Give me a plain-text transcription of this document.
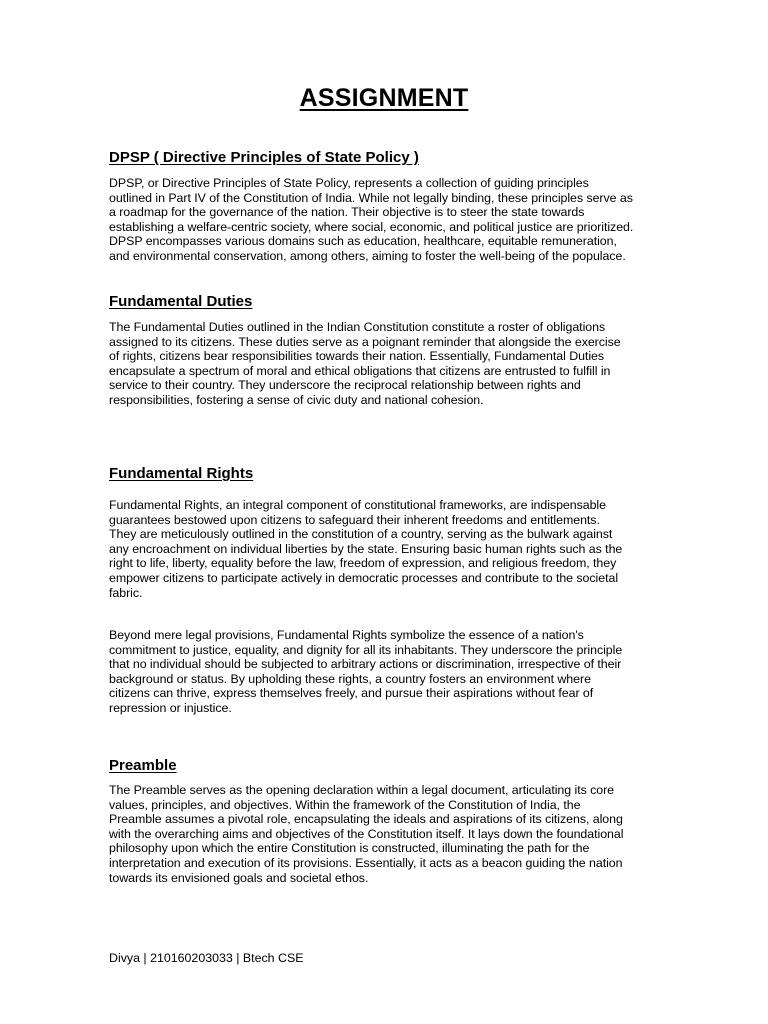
ASSIGNMENT
DPSP ( Directive Principles of State Policy )

DPSP, or Directive Principles of State Policy, represents a collection of guiding principles
outlined in Part IV of the Constitution of India. While not legally binding, these principles serve as
a roadmap for the governance of the nation. Their objective is to steer the state towards
establishing a welfare-centric society, where social, economic, and political justice are prioritized.
DPSP encompasses various domains such as education, healthcare, equitable remuneration,
and environmental conservation, among others, aiming to foster the well-being of the populace.

Fundamental Duties

The Fundamental Duties outlined in the Indian Constitution constitute a roster of obligations
assigned to its citizens. These duties serve as a poignant reminder that alongside the exercise
of rights, citizens bear responsibilities towards their nation. Essentially, Fundamental Duties
encapsulate a spectrum of moral and ethical obligations that citizens are entrusted to fulfill in
service to their country. They underscore the reciprocal relationship between rights and
responsibilities, fostering a sense of civic duty and national cohesion.

Fundamental Rights

Fundamental Rights, an integral component of constitutional frameworks, are indispensable
guarantees bestowed upon citizens to safeguard their inherent freedoms and entitlements.
They are meticulously outlined in the constitution of a country, serving as the bulwark against
any encroachment on individual liberties by the state. Ensuring basic human rights such as the
right to life, liberty, equality before the law, freedom of expression, and religious freedom, they
empower citizens to participate actively in democratic processes and contribute to the societal
fabric.

Beyond mere legal provisions, Fundamental Rights symbolize the essence of a nation's
commitment to justice, equality, and dignity for all its inhabitants. They underscore the principle
that no individual should be subjected to arbitrary actions or discrimination, irrespective of their
background or status. By upholding these rights, a country fosters an environment where
citizens can thrive, express themselves freely, and pursue their aspirations without fear of
repression or injustice.

Preamble

The Preamble serves as the opening declaration within a legal document, articulating its core
values, principles, and objectives. Within the framework of the Constitution of India, the
Preamble assumes a pivotal role, encapsulating the ideals and aspirations of its citizens, along
with the overarching aims and objectives of the Constitution itself. It lays down the foundational
philosophy upon which the entire Constitution is constructed, illuminating the path for the
interpretation and execution of its provisions. Essentially, it acts as a beacon guiding the nation
towards its envisioned goals and societal ethos.

Divya | 210160203033 | Btech CSE
